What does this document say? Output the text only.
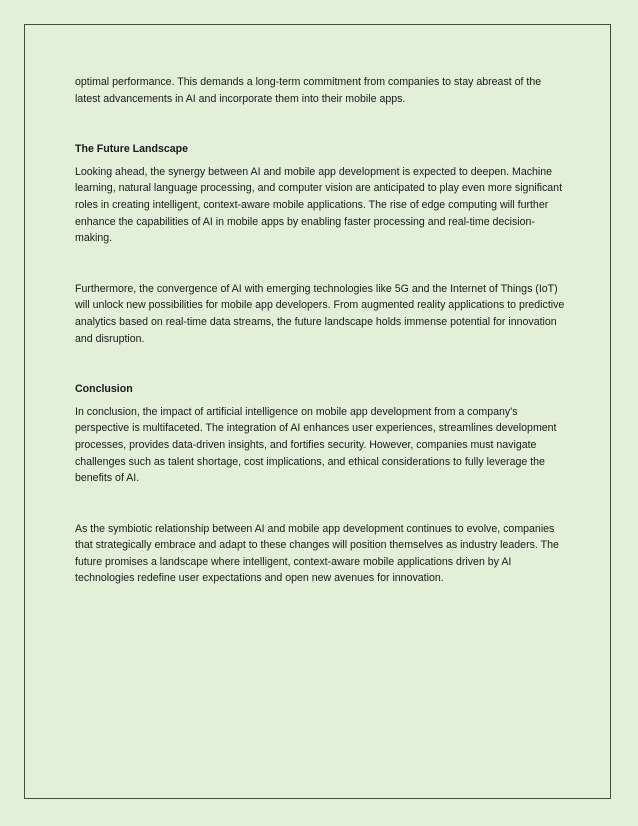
optimal performance. This demands a long-term commitment from companies to stay abreast of the latest advancements in AI and incorporate them into their mobile apps.

The Future Landscape

Looking ahead, the synergy between AI and mobile app development is expected to deepen. Machine learning, natural language processing, and computer vision are anticipated to play even more significant roles in creating intelligent, context-aware mobile applications. The rise of edge computing will further enhance the capabilities of AI in mobile apps by enabling faster processing and real-time decision-making.

Furthermore, the convergence of AI with emerging technologies like 5G and the Internet of Things (IoT) will unlock new possibilities for mobile app developers. From augmented reality applications to predictive analytics based on real-time data streams, the future landscape holds immense potential for innovation and disruption.

Conclusion

In conclusion, the impact of artificial intelligence on mobile app development from a company's perspective is multifaceted. The integration of AI enhances user experiences, streamlines development processes, provides data-driven insights, and fortifies security. However, companies must navigate challenges such as talent shortage, cost implications, and ethical considerations to fully leverage the benefits of AI.

As the symbiotic relationship between AI and mobile app development continues to evolve, companies that strategically embrace and adapt to these changes will position themselves as industry leaders. The future promises a landscape where intelligent, context-aware mobile applications driven by AI technologies redefine user expectations and open new avenues for innovation.
